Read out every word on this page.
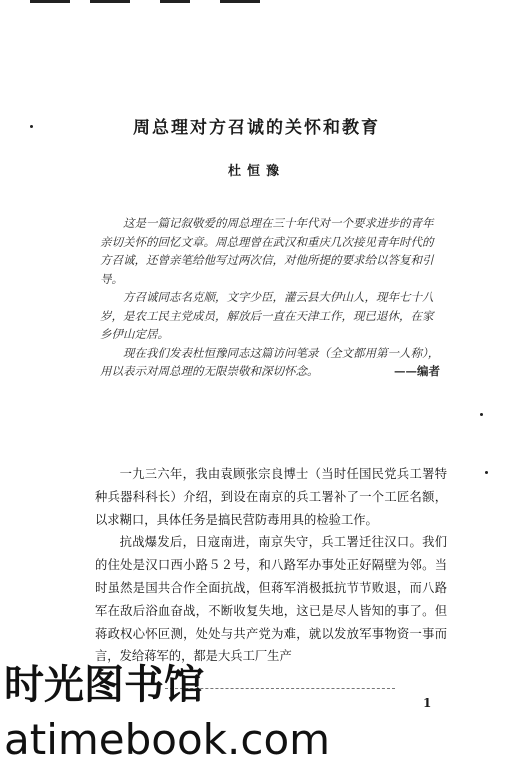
周总理对方召诚的关怀和教育
杜恒豫

这是一篇记叙敬爱的周总理在三十年代对一个要求进步的青年亲切关怀的回忆文章。周总理曾在武汉和重庆几次接见青年时代的方召诚，还曾亲笔给他写过两次信，对他所提的要求给以答复和引导。

方召诚同志名克顺，文字少臣，灌云县大伊山人，现年七十八岁，是农工民主党成员，解放后一直在天津工作，现已退休，在家乡伊山定居。

现在我们发表杜恒豫同志这篇访问笔录（全文都用第一人称），用以表示对周总理的无限崇敬和深切怀念。	——编者

一九三六年，我由袁顾张宗良博士（当时任国民党兵工署特种兵器科科长）介绍，到设在南京的兵工署补了一个工匠名额，以求糊口，具体任务是搞民营防毒用具的检验工作。

抗战爆发后，日寇南进，南京失守，兵工署迁往汉口。我们的住处是汉口西小路５２号，和八路军办事处正好隔壁为邻。当时虽然是国共合作全面抗战，但蒋军消极抵抗节节败退，而八路军在敌后浴血奋战，不断收复失地，这已是尽人皆知的事了。但蒋政权心怀叵测，处处与共产党为难，就以发放军事物资一事而言，发给蒋军的，都是大兵工厂生产

1
时光图书馆
atimebook.com
